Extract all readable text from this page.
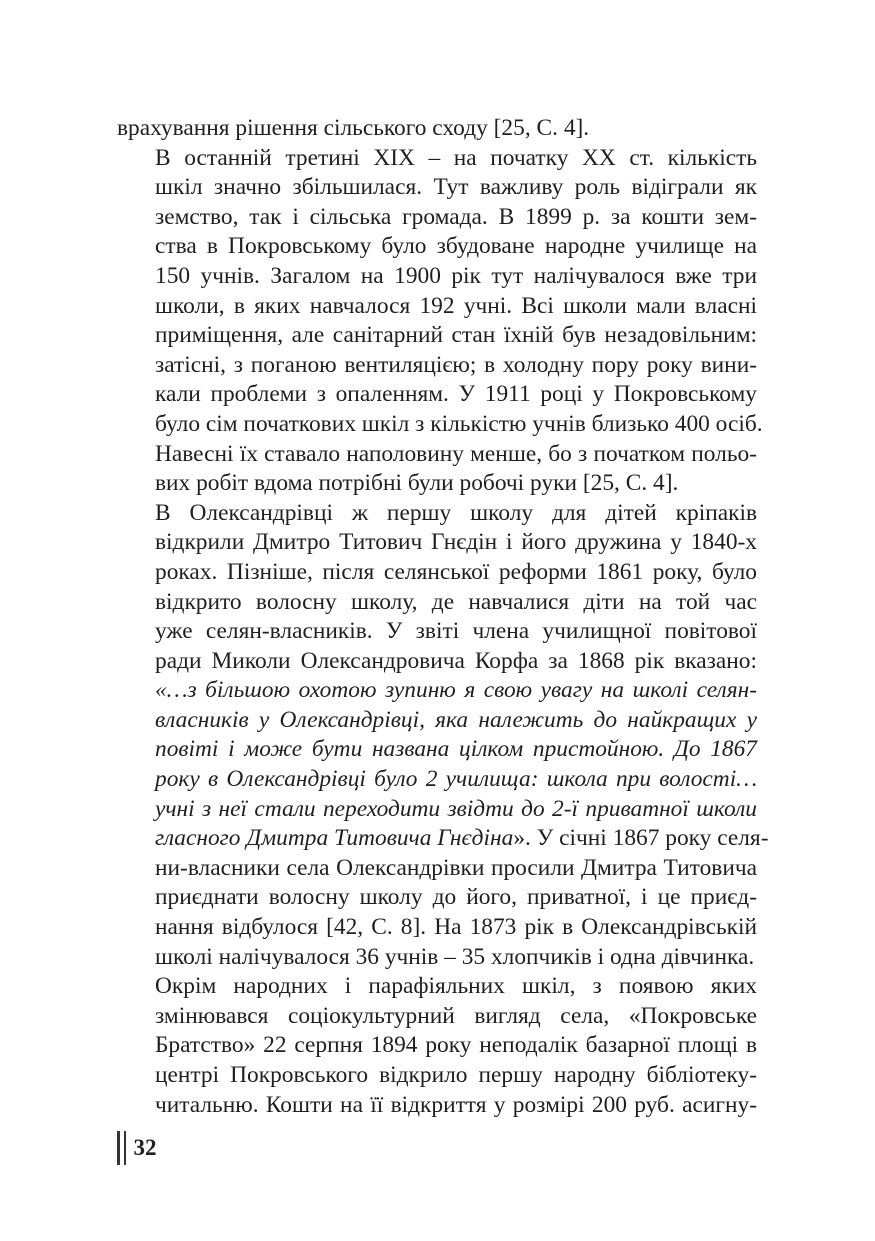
врахування рішення сільського сходу [25, С. 4].

В останній третині XIX – на початку XX ст. кількість
шкіл значно збільшилася. Тут важливу роль відіграли як
земство, так і сільська громада. В 1899 р. за кошти зем-
ства в Покровському було збудоване народне училище на
150 учнів. Загалом на 1900 рік тут налічувалося вже три
школи, в яких навчалося 192 учні. Всі школи мали власні
приміщення, але санітарний стан їхній був незадовільним:
затісні, з поганою вентиляцією; в холодну пору року вини-
кали проблеми з опаленням. У 1911 році у Покровському
було сім початкових шкіл з кількістю учнів близько 400 осіб.
Навесні їх ставало наполовину менше, бо з початком польо-
вих робіт вдома потрібні були робочі руки [25, С. 4].

В Олександрівці ж першу школу для дітей кріпаків
відкрили Дмитро Титович Гнєдін і його дружина у 1840-х
роках. Пізніше, після селянської реформи 1861 року, було
відкрито волосну школу, де навчалися діти на той час
уже селян-власників. У звіті члена училищної повітової
ради Миколи Олександровича Корфа за 1868 рік вказано:
«…з більшою охотою зупиню я свою увагу на школі селян-
власників у Олександрівці, яка належить до найкращих у
повіті і може бути названа цілком пристойною. До 1867
року в Олександрівці було 2 училища: школа при волості…
учні з неї стали переходити звідти до 2-ї приватної школи
гласного Дмитра Титовича Гнєдіна». У січні 1867 року селя-
ни-власники села Олександрівки просили Дмитра Титовича
приєднати волосну школу до його, приватної, і це приєд-
нання відбулося [42, С. 8]. На 1873 рік в Олександрівській
школі налічувалося 36 учнів – 35 хлопчиків і одна дівчинка.

Окрім народних і парафіяльних шкіл, з появою яких
змінювався соціокультурний вигляд села, «Покровське
Братство» 22 серпня 1894 року неподалік базарної площі в
центрі Покровського відкрило першу народну бібліотеку-
читальню. Кошти на її відкриття у розмірі 200 руб. асигну-

32
